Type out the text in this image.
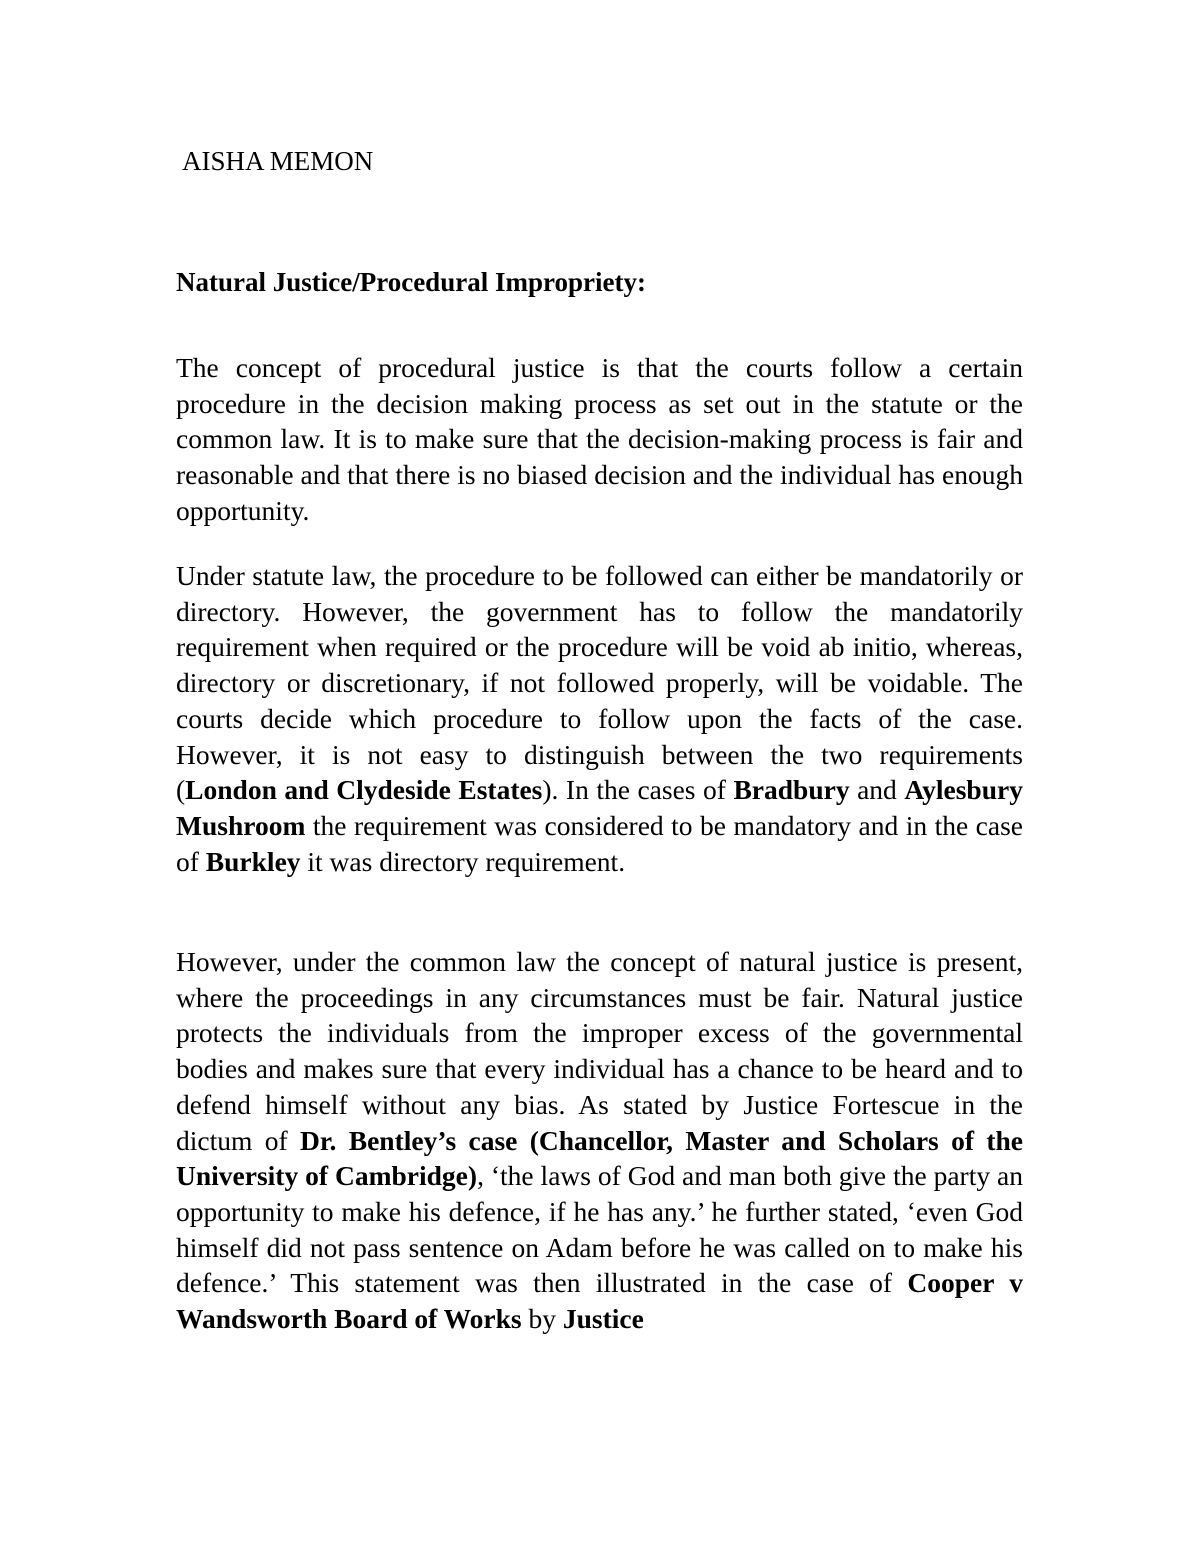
AISHA MEMON
Natural Justice/Procedural Impropriety:

The concept of procedural justice is that the courts follow a certain procedure in the decision making process as set out in the statute or the common law. It is to make sure that the decision-making process is fair and reasonable and that there is no biased decision and the individual has enough opportunity.

Under statute law, the procedure to be followed can either be mandatorily or directory. However, the government has to follow the mandatorily requirement when required or the procedure will be void ab initio, whereas, directory or discretionary, if not followed properly, will be voidable. The courts decide which procedure to follow upon the facts of the case. However, it is not easy to distinguish between the two requirements (London and Clydeside Estates). In the cases of Bradbury and Aylesbury Mushroom the requirement was considered to be mandatory and in the case of Burkley it was directory requirement.

However, under the common law the concept of natural justice is present, where the proceedings in any circumstances must be fair. Natural justice protects the individuals from the improper excess of the governmental bodies and makes sure that every individual has a chance to be heard and to defend himself without any bias. As stated by Justice Fortescue in the dictum of Dr. Bentley’s case (Chancellor, Master and Scholars of the University of Cambridge), ‘the laws of God and man both give the party an opportunity to make his defence, if he has any.’ he further stated, ‘even God himself did not pass sentence on Adam before he was called on to make his defence.’ This statement was then illustrated in the case of Cooper v Wandsworth Board of Works by Justice
